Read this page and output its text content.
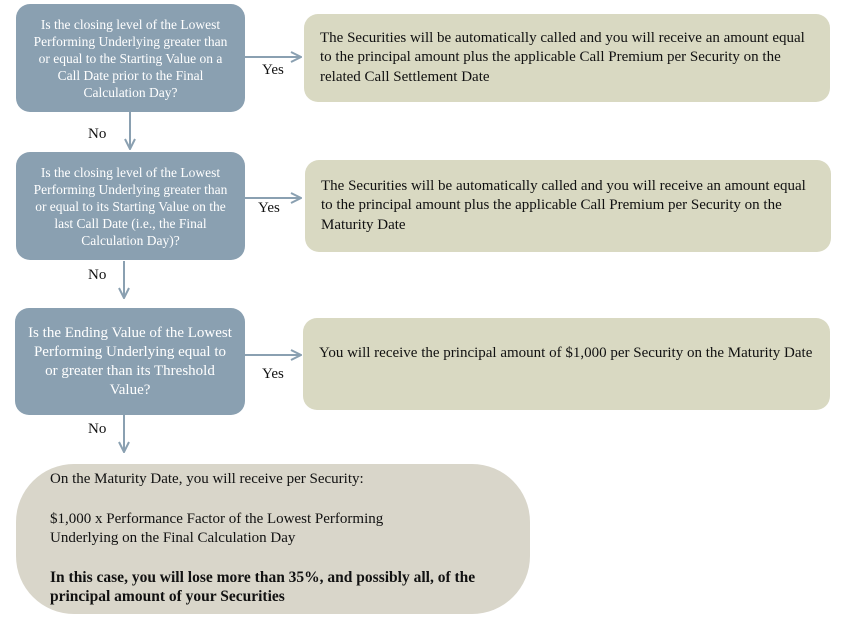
Is the closing level of the Lowest Performing Underlying greater than or equal to the Starting Value on a Call Date prior to the Final Calculation Day?
Yes
The Securities will be automatically called and you will receive an amount equal to the principal amount plus the applicable Call Premium per Security on the related Call Settlement Date
No
Is the closing level of the Lowest Performing Underlying greater than or equal to its Starting Value on the last Call Date (i.e., the Final Calculation Day)?
Yes
The Securities will be automatically called and you will receive an amount equal to the principal amount plus the applicable Call Premium per Security on the Maturity Date
No
Is the Ending Value of the Lowest Performing Underlying equal to or greater than its Threshold Value?
Yes
You will receive the principal amount of $1,000 per Security on the Maturity Date
No
On the Maturity Date, you will receive per Security:
$1,000 x Performance Factor of the Lowest Performing Underlying on the Final Calculation Day
In this case, you will lose more than 35%, and possibly all, of the principal amount of your Securities
